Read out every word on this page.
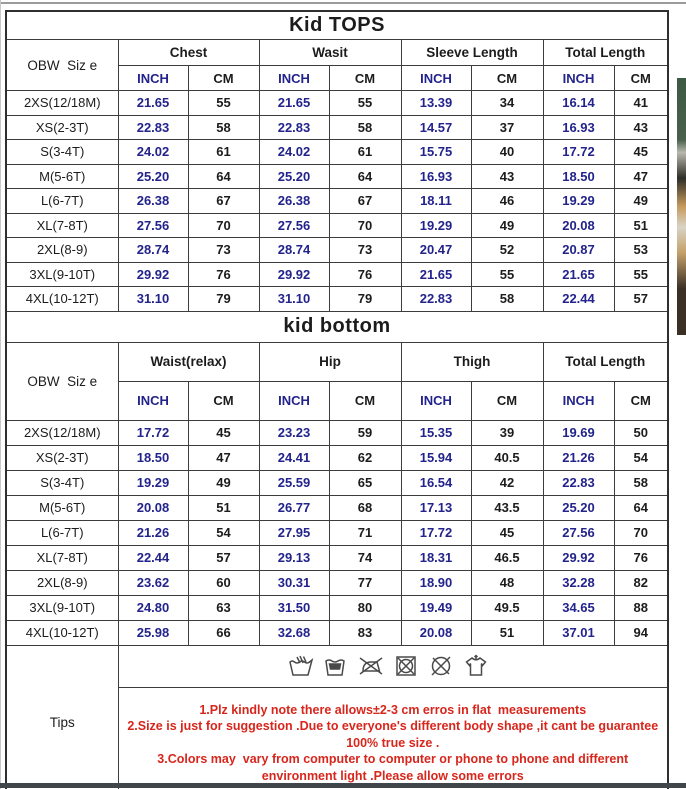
Kid TOPS								
OBW  Siz e	Chest		Wasit		Sleeve Length		Total Length	
	INCH	CM	INCH	CM	INCH	CM	INCH	CM
2XS(12/18M)	21.65	55	21.65	55	13.39	34	16.14	41
XS(2-3T)	22.83	58	22.83	58	14.57	37	16.93	43
S(3-4T)	24.02	61	24.02	61	15.75	40	17.72	45
M(5-6T)	25.20	64	25.20	64	16.93	43	18.50	47
L(6-7T)	26.38	67	26.38	67	18.11	46	19.29	49
XL(7-8T)	27.56	70	27.56	70	19.29	49	20.08	51
2XL(8-9)	28.74	73	28.74	73	20.47	52	20.87	53
3XL(9-10T)	29.92	76	29.92	76	21.65	55	21.65	55
4XL(10-12T)	31.10	79	31.10	79	22.83	58	22.44	57
kid bottom								
OBW  Siz e	Waist(relax)		Hip		Thigh		Total Length	
	INCH	CM	INCH	CM	INCH	CM	INCH	CM
2XS(12/18M)	17.72	45	23.23	59	15.35	39	19.69	50
XS(2-3T)	18.50	47	24.41	62	15.94	40.5	21.26	54
S(3-4T)	19.29	49	25.59	65	16.54	42	22.83	58
M(5-6T)	20.08	51	26.77	68	17.13	43.5	25.20	64
L(6-7T)	21.26	54	27.95	71	17.72	45	27.56	70
XL(7-8T)	22.44	57	29.13	74	18.31	46.5	29.92	76
2XL(8-9)	23.62	60	30.31	77	18.90	48	32.28	82
3XL(9-10T)	24.80	63	31.50	80	19.49	49.5	34.65	88
4XL(10-12T)	25.98	66	32.68	83	20.08	51	37.01	94
Tips	

	1.Plz kindly note there allows±2-3 cm erros in flat  measurements
2.Size is just for suggestion .Due to everyone's different body shape ,it cant be guarantee 100% true size .
3.Colors may  vary from computer to computer or phone to phone and different environment light .Please allow some errors							
